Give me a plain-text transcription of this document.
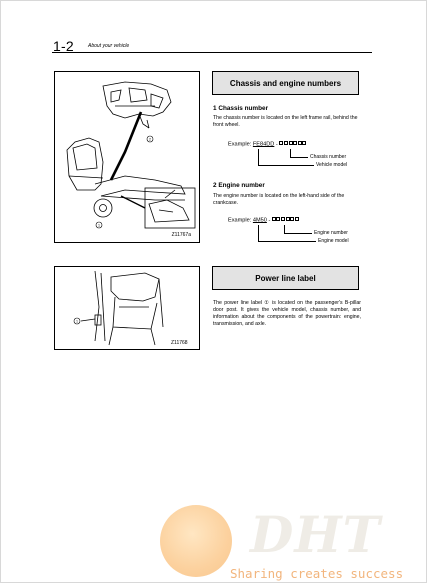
1-2	About your vehicle
2
1
Z11767a
Chassis and engine numbers
1 Chassis number
The chassis number is located on the left frame rail, behind the front wheel.
Example: FE84DD -
Chassis number
Vehicle model
2 Engine number
The engine number is located on the left-hand side of the crankcase.
Example: 4M50 -
Engine number
Engine model
1
Z11768
Power line label
The power line label ① is located on the passenger's B-pillar door post. It gives the vehicle model, chassis number, and information about the components of the powertrain: engine, transmission, and axle.
DHT
Sharing creates success
